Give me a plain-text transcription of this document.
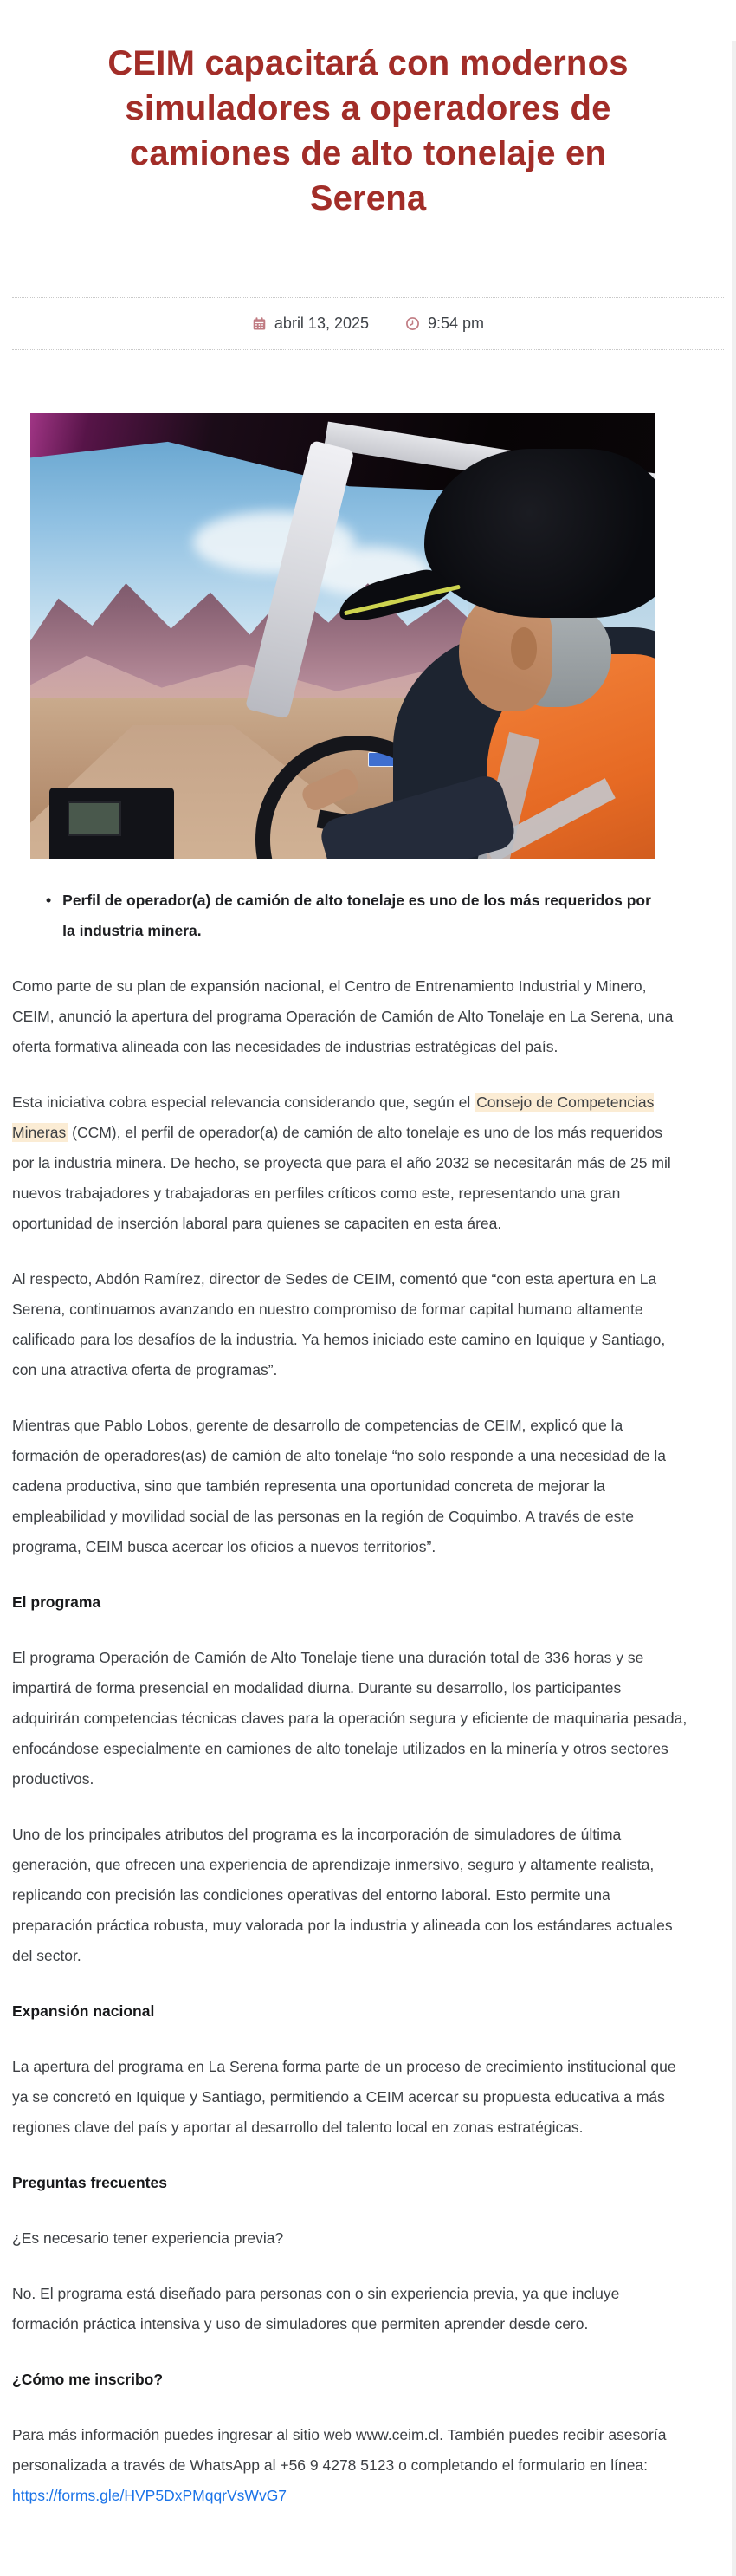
CEIM capacitará con modernos simuladores a operadores de camiones de alto tonelaje en Serena
abril 13, 2025	9:54 pm
• Perfil de operador(a) de camión de alto tonelaje es uno de los más requeridos por la industria minera.

Como parte de su plan de expansión nacional, el Centro de Entrenamiento Industrial y Minero, CEIM, anunció la apertura del programa Operación de Camión de Alto Tonelaje en La Serena, una oferta formativa alineada con las necesidades de industrias estratégicas del país.

Esta iniciativa cobra especial relevancia considerando que, según el Consejo de Competencias Mineras (CCM), el perfil de operador(a) de camión de alto tonelaje es uno de los más requeridos por la industria minera. De hecho, se proyecta que para el año 2032 se necesitarán más de 25 mil nuevos trabajadores y trabajadoras en perfiles críticos como este, representando una gran oportunidad de inserción laboral para quienes se capaciten en esta área.

Al respecto, Abdón Ramírez, director de Sedes de CEIM, comentó que “con esta apertura en La Serena, continuamos avanzando en nuestro compromiso de formar capital humano altamente calificado para los desafíos de la industria. Ya hemos iniciado este camino en Iquique y Santiago, con una atractiva oferta de programas”.

Mientras que Pablo Lobos, gerente de desarrollo de competencias de CEIM, explicó que la formación de operadores(as) de camión de alto tonelaje “no solo responde a una necesidad de la cadena productiva, sino que también representa una oportunidad concreta de mejorar la empleabilidad y movilidad social de las personas en la región de Coquimbo. A través de este programa, CEIM busca acercar los oficios a nuevos territorios”.

El programa

El programa Operación de Camión de Alto Tonelaje tiene una duración total de 336 horas y se impartirá de forma presencial en modalidad diurna. Durante su desarrollo, los participantes adquirirán competencias técnicas claves para la operación segura y eficiente de maquinaria pesada, enfocándose especialmente en camiones de alto tonelaje utilizados en la minería y otros sectores productivos.

Uno de los principales atributos del programa es la incorporación de simuladores de última generación, que ofrecen una experiencia de aprendizaje inmersivo, seguro y altamente realista, replicando con precisión las condiciones operativas del entorno laboral. Esto permite una preparación práctica robusta, muy valorada por la industria y alineada con los estándares actuales del sector.

Expansión nacional

La apertura del programa en La Serena forma parte de un proceso de crecimiento institucional que ya se concretó en Iquique y Santiago, permitiendo a CEIM acercar su propuesta educativa a más regiones clave del país y aportar al desarrollo del talento local en zonas estratégicas.

Preguntas frecuentes

¿Es necesario tener experiencia previa?

No. El programa está diseñado para personas con o sin experiencia previa, ya que incluye formación práctica intensiva y uso de simuladores que permiten aprender desde cero.

¿Cómo me inscribo?

Para más información puedes ingresar al sitio web www.ceim.cl. También puedes recibir asesoría personalizada a través de WhatsApp al +56 9 4278 5123 o completando el formulario en línea: https://forms.gle/HVP5DxPMqqrVsWvG7
